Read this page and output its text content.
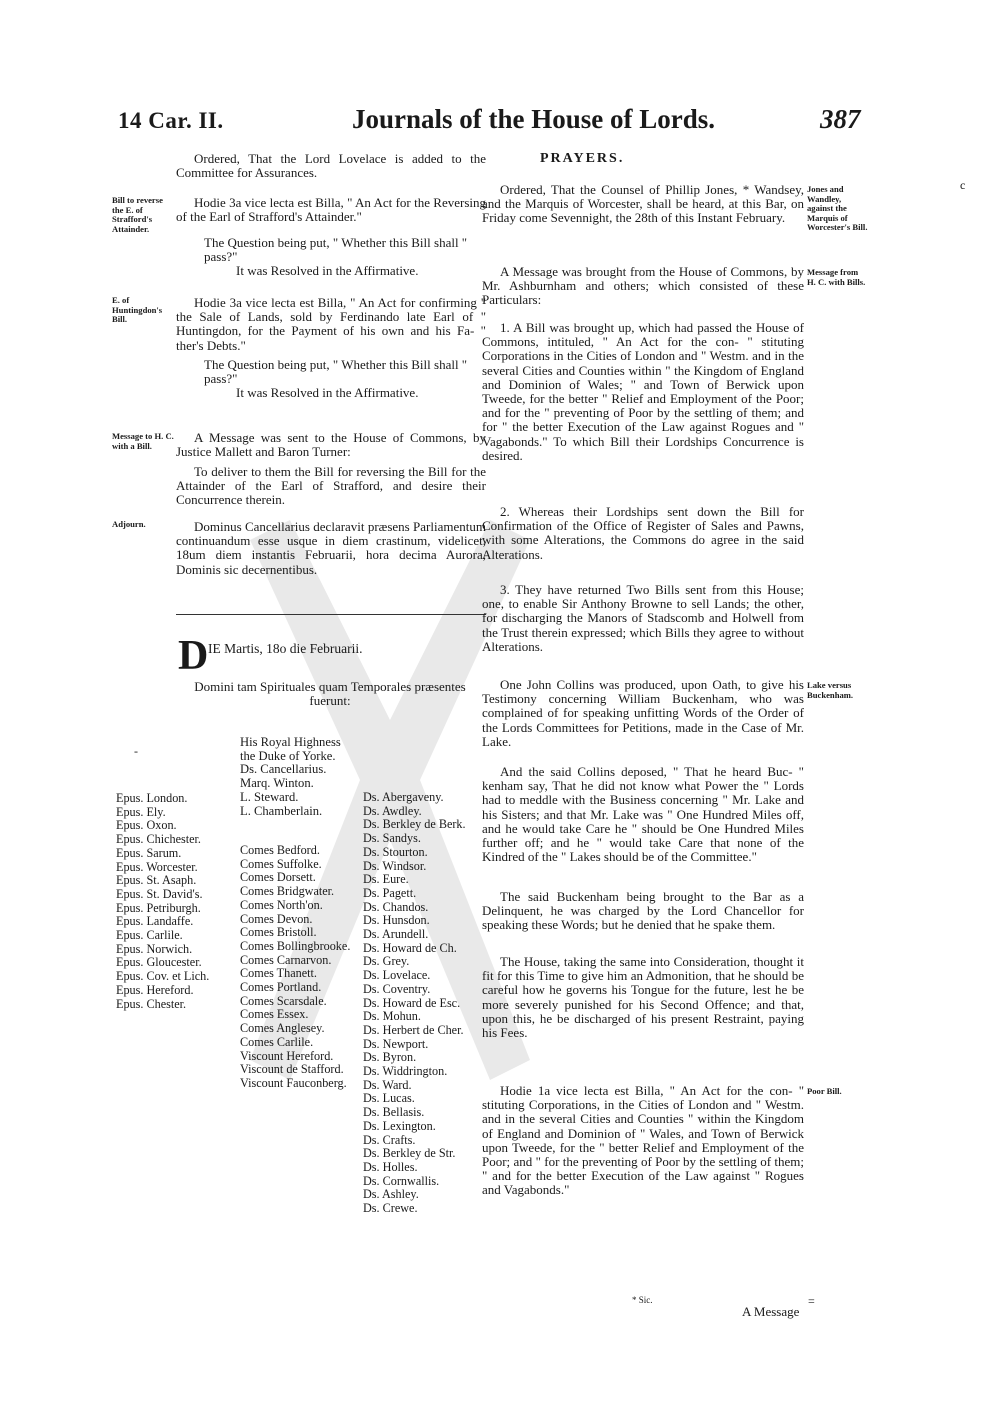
14 Car. II.	Journals of the House of Lords.	387
Ordered, That the Lord Lovelace is added to the Committee for Assurances.
Bill to reverse the E. of Strafford's Attainder.
Hodie 3a vice lecta est Billa, " An Act for the Reversing of the Earl of Strafford's Attainder."
The Question being put, " Whether this Bill shall " pass?"
It was Resolved in the Affirmative.
E. of Huntingdon's Bill.
Hodie 3a vice lecta est Billa, " An Act for confirming " the Sale of Lands, sold by Ferdinando late Earl of " Huntingdon, for the Payment of his own and his Fa- " ther's Debts."
The Question being put, " Whether this Bill shall " pass?"
It was Resolved in the Affirmative.
Message to H. C. with a Bill.
A Message was sent to the House of Commons, by Justice Mallett and Baron Turner:
To deliver to them the Bill for reversing the Bill for the Attainder of the Earl of Strafford, and desire their Concurrence therein.
Adjourn.	Dominus Cancellarius declaravit præsens Parliamentum continuandum esse usque in diem crastinum, videlicet, 18um diem instantis Februarii, hora decima Aurora, Dominis sic decernentibus.
D IE Martis, 18o die Februarii.
Domini tam Spirituales quam Temporales præsentes fuerunt:
Epus. London.
Epus. Ely.
Epus. Oxon.
Epus. Chichester.
Epus. Sarum.
Epus. Worcester.
Epus. St. Asaph.
Epus. St. David's.
Epus. Petriburgh.
Epus. Landaffe.
Epus. Carlile.
Epus. Norwich.
Epus. Gloucester.
Epus. Cov. et Lich.
Epus. Hereford.
Epus. Chester.
His Royal Highness
the Duke of Yorke.
Ds. Cancellarius.
Marq. Winton.
L. Steward.
L. Chamberlain.
Comes Bedford.
Comes Suffolke.
Comes Dorsett.
Comes Bridgwater.
Comes North'on.
Comes Devon.
Comes Bristoll.
Comes Bollingbrooke.
Comes Carnarvon.
Comes Thanett.
Comes Portland.
Comes Scarsdale.
Comes Essex.
Comes Anglesey.
Comes Carlile.
Viscount Hereford.
Viscount de Stafford.
Viscount Fauconberg.
Ds. Abergaveny.
Ds. Awdley.
Ds. Berkley de Berk.
Ds. Sandys.
Ds. Stourton.
Ds. Windsor.
Ds. Eure.
Ds. Pagett.
Ds. Chandos.
Ds. Hunsdon.
Ds. Arundell.
Ds. Howard de Ch.
Ds. Grey.
Ds. Lovelace.
Ds. Coventry.
Ds. Howard de Esc.
Ds. Mohun.
Ds. Herbert de Cher.
Ds. Newport.
Ds. Byron.
Ds. Widdrington.
Ds. Ward.
Ds. Lucas.
Ds. Bellasis.
Ds. Lexington.
Ds. Crafts.
Ds. Berkley de Str.
Ds. Holles.
Ds. Cornwallis.
Ds. Ashley.
Ds. Crewe.
PRAYERS.
Ordered, That the Counsel of Phillip Jones, * Wandsey, and the Marquis of Worcester, shall be heard, at this Bar, on Friday come Sevennight, the 28th of this Instant February.
Jones and Wandley, against the Marquis of Worcester's Bill.
A Message was brought from the House of Commons, by Mr. Ashburnham and others; which consisted of these Particulars:
Message from H. C. with Bills.
1. A Bill was brought up, which had passed the House of Commons, intituled, " An Act for the con- " stituting Corporations in the Cities of London and " Westm. and in the several Cities and Counties within " the Kingdom of England and Dominion of Wales; " and Town of Berwick upon Tweede, for the better " Relief and Employment of the Poor; and for the " preventing of Poor by the settling of them; and for " the better Execution of the Law against Rogues and " Vagabonds." To which Bill their Lordships Concurrence is desired.
2. Whereas their Lordships sent down the Bill for Confirmation of the Office of Register of Sales and Pawns, with some Alterations, the Commons do agree in the said Alterations.
3. They have returned Two Bills sent from this House; one, to enable Sir Anthony Browne to sell Lands; the other, for discharging the Manors of Stadscomb and Holwell from the Trust therein expressed; which Bills they agree to without Alterations.
One John Collins was produced, upon Oath, to give his Testimony concerning William Buckenham, who was complained of for speaking unfitting Words of the Order of the Lords Committees for Petitions, made in the Case of Mr. Lake.
Lake versus Buckenham.
And the said Collins deposed, " That he heard Buc- " kenham say, That he did not know what Power the " Lords had to meddle with the Business concerning " Mr. Lake and his Sisters; and that Mr. Lake was " One Hundred Miles off, and he would take Care he " should be One Hundred Miles further off; and he " would take Care that none of the Kindred of the " Lakes should be of the Committee."
The said Buckenham being brought to the Bar as a Delinquent, he was charged by the Lord Chancellor for speaking these Words; but he denied that he spake them.
The House, taking the same into Consideration, thought it fit for this Time to give him an Admonition, that he should be careful how he governs his Tongue for the future, lest he be more severely punished for his Second Offence; and that, upon this, he be discharged of his present Restraint, paying his Fees.
Hodie 1a vice lecta est Billa, " An Act for the con- " stituting Corporations, in the Cities of London and " Westm. and in the several Cities and Counties " within the Kingdom of England and Dominion of " Wales, and Town of Berwick upon Tweede, for the " better Relief and Employment of the Poor; and " for the preventing of Poor by the settling of them; " and for the better Execution of the Law against " Rogues and Vagabonds."
Poor Bill.
* Sic.
A Message
c
-
=
